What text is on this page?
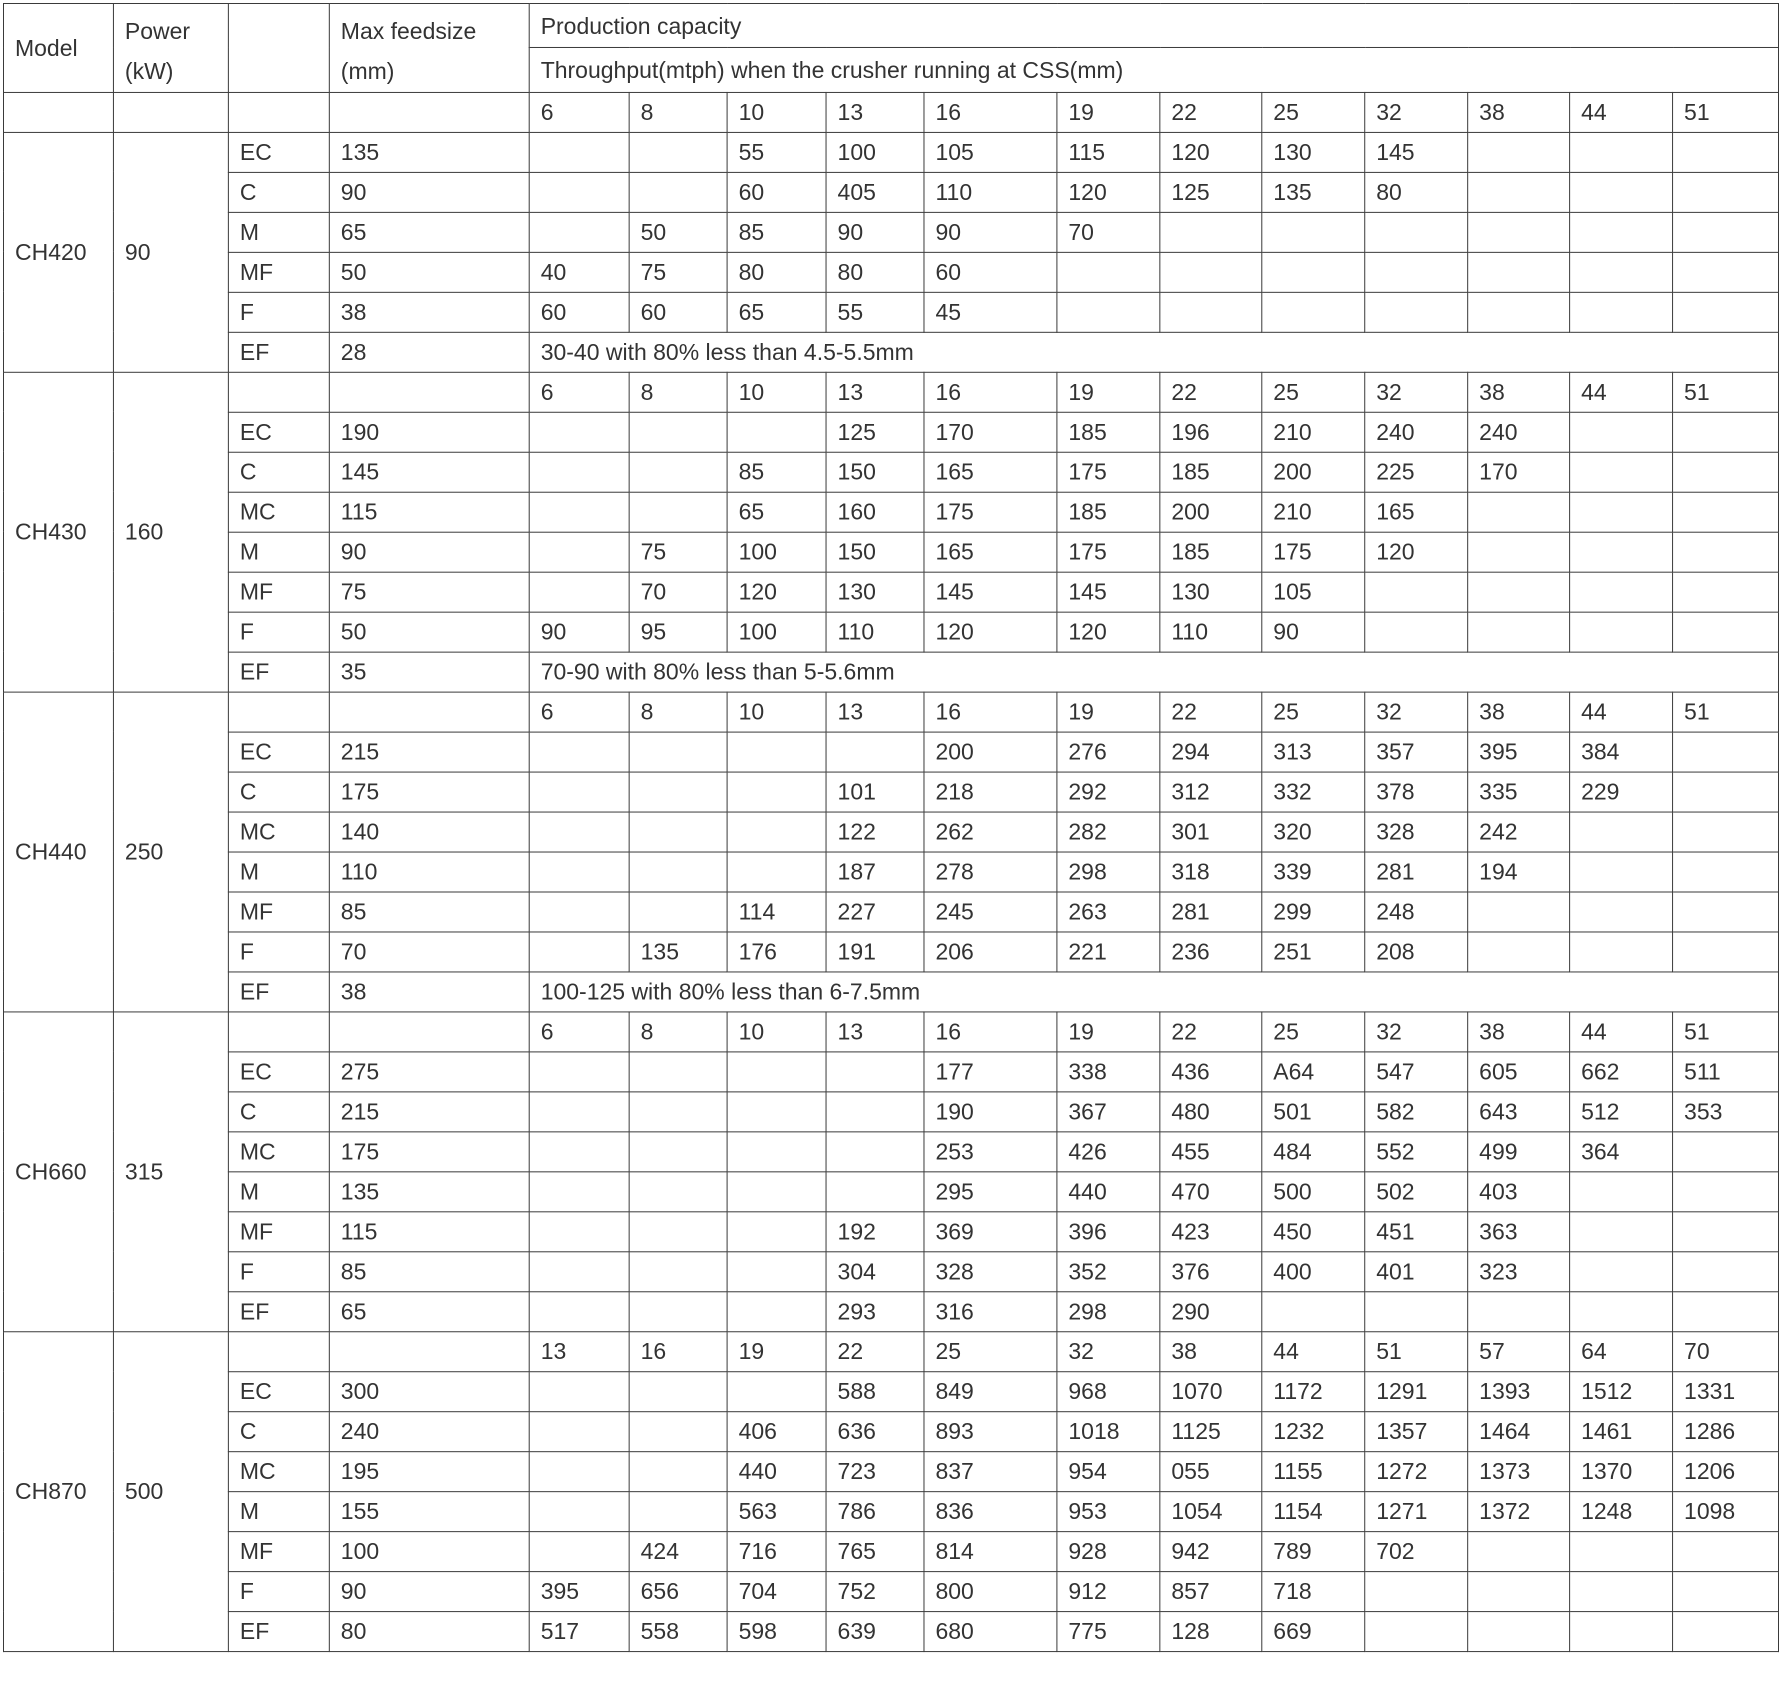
Model	Power
(kW)		Max feedsize
(mm)	Production capacity											
				Throughput(mtph) when the crusher running at CSS(mm)											
				6	8	10	13	16	19	22	25	32	38	44	51
CH420	90	EC	135			55	100	105	115	120	130	145			
		C	90			60	405	110	120	125	135	80			
		M	65		50	85	90	90	70						
		MF	50	40	75	80	80	60							
		F	38	60	60	65	55	45							
		EF	28	30-40 with 80% less than 4.5-5.5mm											
CH430	160			6	8	10	13	16	19	22	25	32	38	44	51
		EC	190				125	170	185	196	210	240	240		
		C	145			85	150	165	175	185	200	225	170		
		MC	115			65	160	175	185	200	210	165			
		M	90		75	100	150	165	175	185	175	120			
		MF	75		70	120	130	145	145	130	105				
		F	50	90	95	100	110	120	120	110	90				
		EF	35	70-90 with 80% less than 5-5.6mm											
CH440	250			6	8	10	13	16	19	22	25	32	38	44	51
		EC	215					200	276	294	313	357	395	384	
		C	175				101	218	292	312	332	378	335	229	
		MC	140				122	262	282	301	320	328	242		
		M	110				187	278	298	318	339	281	194		
		MF	85			114	227	245	263	281	299	248			
		F	70		135	176	191	206	221	236	251	208			
		EF	38	100-125 with 80% less than 6-7.5mm											
CH660	315			6	8	10	13	16	19	22	25	32	38	44	51
		EC	275					177	338	436	A64	547	605	662	511
		C	215					190	367	480	501	582	643	512	353
		MC	175					253	426	455	484	552	499	364	
		M	135					295	440	470	500	502	403		
		MF	115				192	369	396	423	450	451	363		
		F	85				304	328	352	376	400	401	323		
		EF	65				293	316	298	290					
CH870	500			13	16	19	22	25	32	38	44	51	57	64	70
		EC	300				588	849	968	1070	1172	1291	1393	1512	1331
		C	240			406	636	893	1018	1125	1232	1357	1464	1461	1286
		MC	195			440	723	837	954	055	1155	1272	1373	1370	1206
		M	155			563	786	836	953	1054	1154	1271	1372	1248	1098
		MF	100		424	716	765	814	928	942	789	702			
		F	90	395	656	704	752	800	912	857	718				
		EF	80	517	558	598	639	680	775	128	669				
